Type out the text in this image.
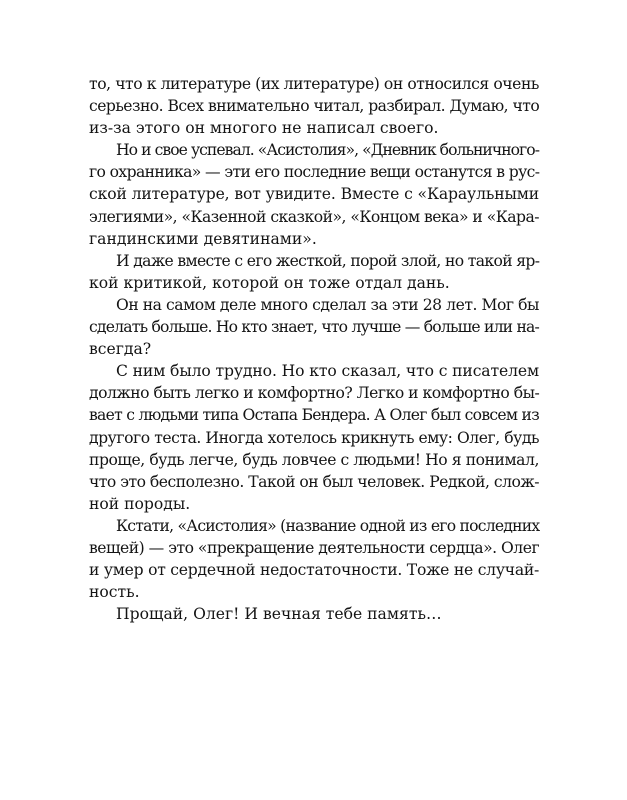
то, что к литературе (их литературе) он относился очень
серьезно. Всех внимательно читал, разбирал. Думаю, что
из-за этого он многого не написал своего.
Но и свое успевал. «Асистолия», «Дневник больничного-
го охранника» — эти его последние вещи останутся в рус-
ской литературе, вот увидите. Вместе с «Караульными
элегиями», «Казенной сказкой», «Концом века» и «Кара-
гандинскими девятинами».
И даже вместе с его жесткой, порой злой, но такой яр-
кой критикой, которой он тоже отдал дань.
Он на самом деле много сделал за эти 28 лет. Мог бы
сделать больше. Но кто знает, что лучше — больше или на-
всегда?
С ним было трудно. Но кто сказал, что с писателем
должно быть легко и комфортно? Легко и комфортно бы-
вает с людьми типа Остапа Бендера. А Олег был совсем из
другого теста. Иногда хотелось крикнуть ему: Олег, будь
проще, будь легче, будь ловчее с людьми! Но я понимал,
что это бесполезно. Такой он был человек. Редкой, слож-
ной породы.
Кстати, «Асистолия» (название одной из его последних
вещей) — это «прекращение деятельности сердца». Олег
и умер от сердечной недостаточности. Тоже не случай-
ность.
Прощай, Олег! И вечная тебе память…
